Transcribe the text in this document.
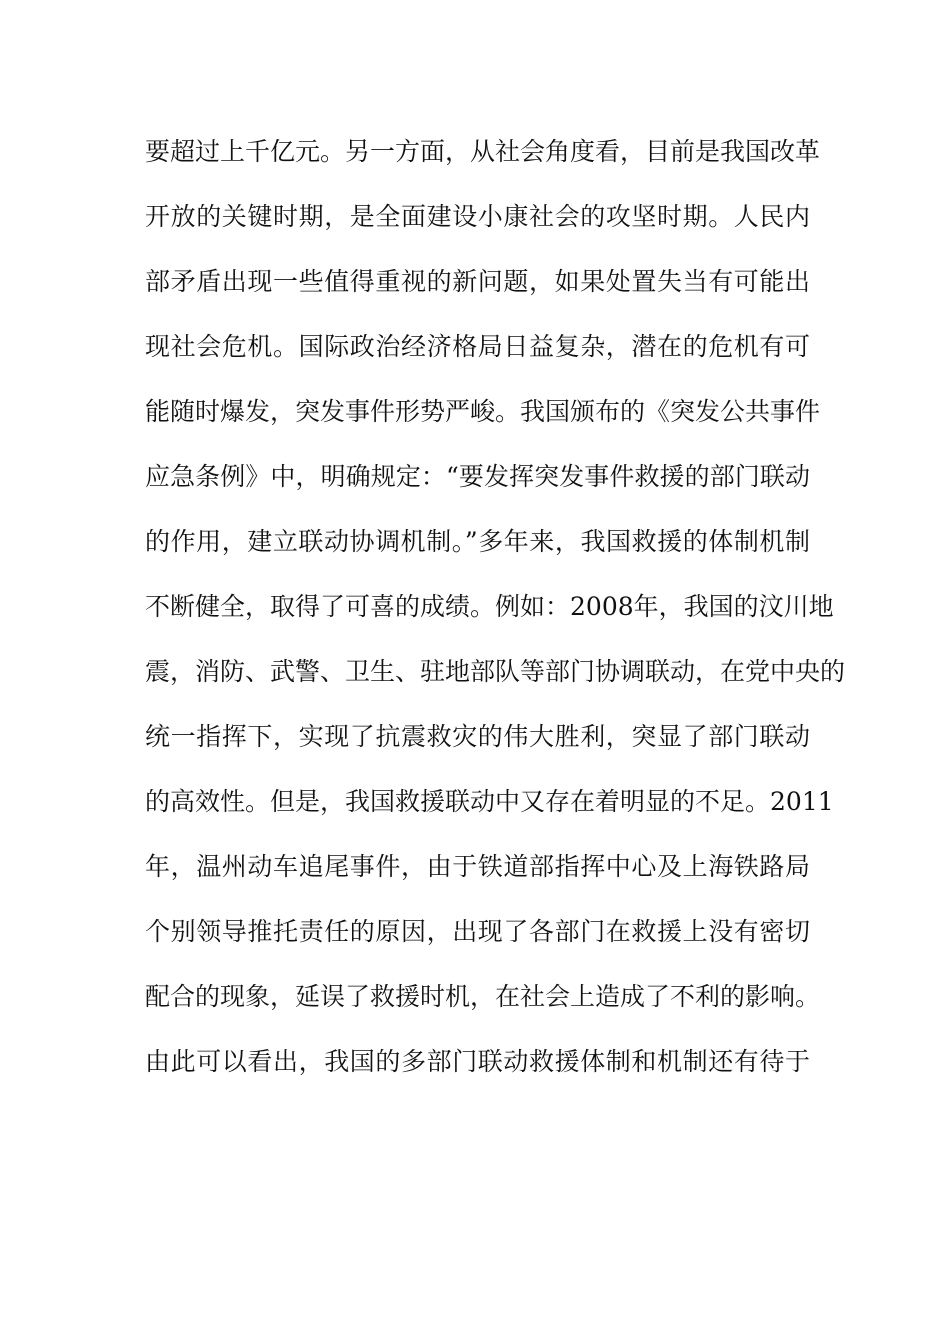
要超过上千亿元。另一方面，从社会角度看，目前是我国改革
开放的关键时期，是全面建设小康社会的攻坚时期。人民内
部矛盾出现一些值得重视的新问题，如果处置失当有可能出
现社会危机。国际政治经济格局日益复杂，潜在的危机有可
能随时爆发，突发事件形势严峻。我国颁布的《突发公共事件
应急条例》中，明确规定：“要发挥突发事件救援的部门联动
的作用，建立联动协调机制。”多年来，我国救援的体制机制
不断健全，取得了可喜的成绩。例如：2008年，我国的汶川地
震，消防、武警、卫生、驻地部队等部门协调联动，在党中央的
统一指挥下，实现了抗震救灾的伟大胜利，突显了部门联动
的高效性。但是，我国救援联动中又存在着明显的不足。2011
年，温州动车追尾事件，由于铁道部指挥中心及上海铁路局
个别领导推托责任的原因，出现了各部门在救援上没有密切
配合的现象，延误了救援时机，在社会上造成了不利的影响。
由此可以看出，我国的多部门联动救援体制和机制还有待于
